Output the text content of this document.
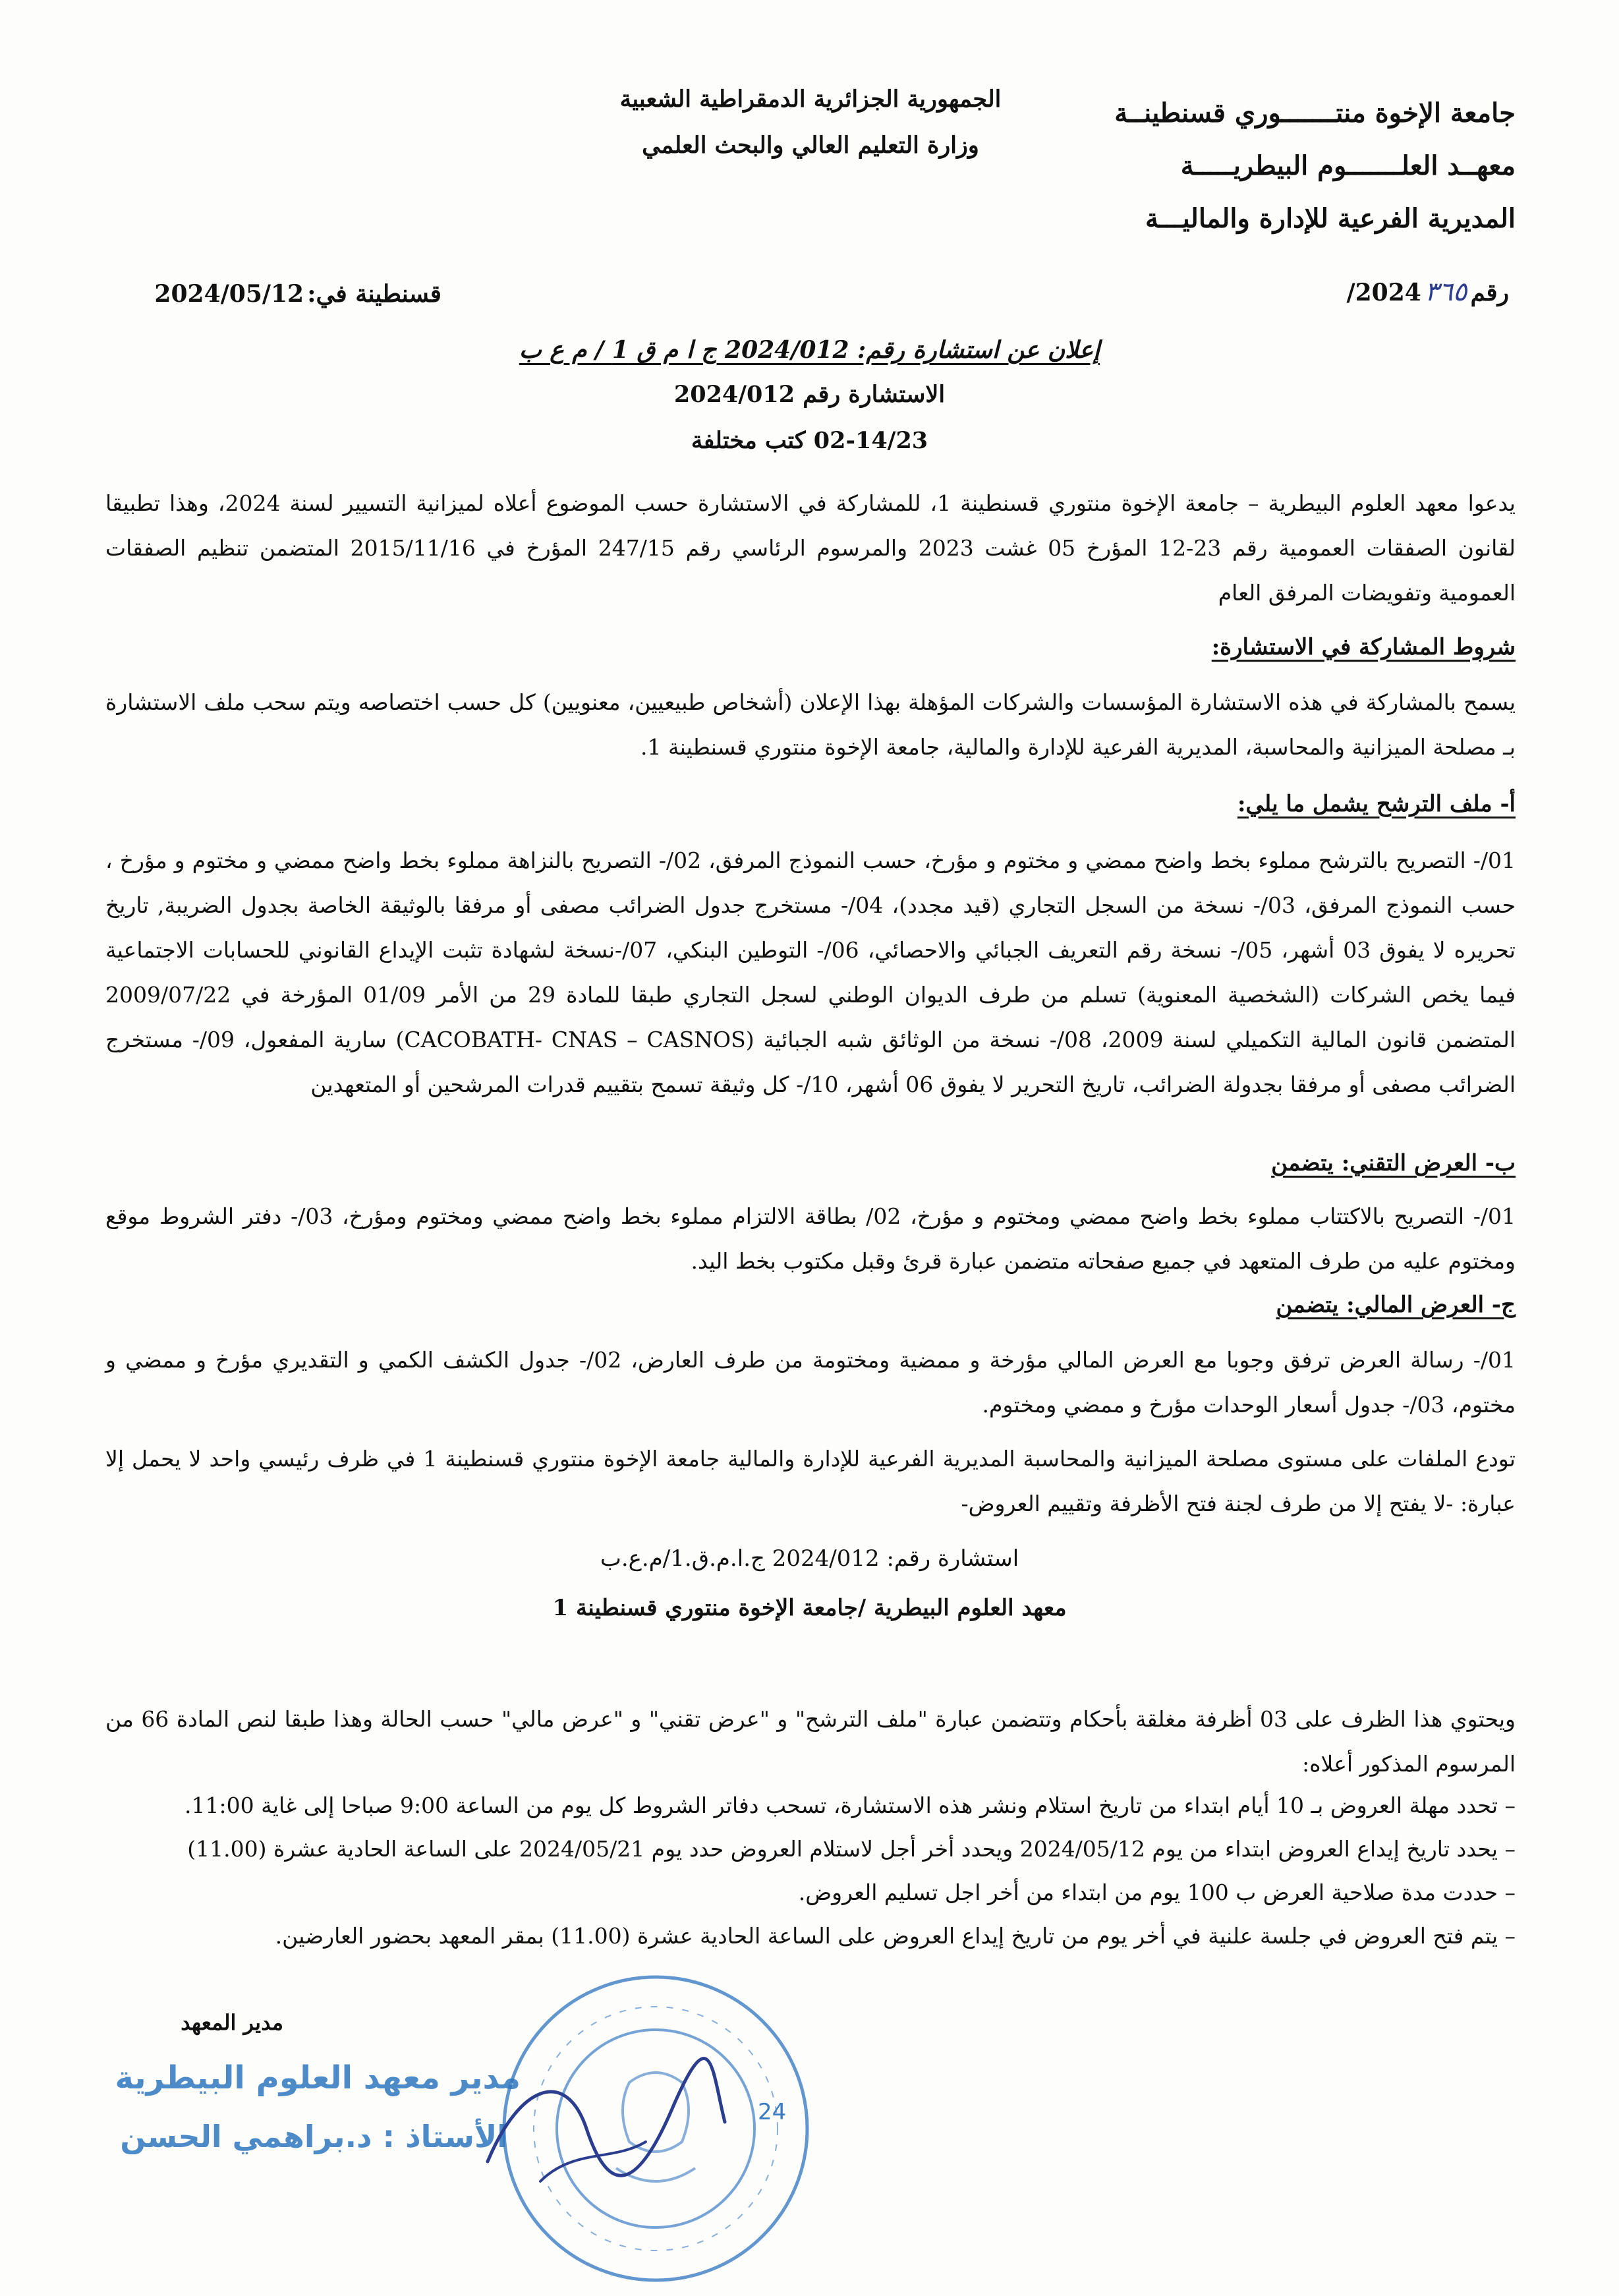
الجمهورية الجزائرية الدمقراطية الشعبية
وزارة التعليم العالي والبحث العلمي
جامعة الإخوة منتـــــــوري قسنطينــة
معهــد العلـــــــوم البيطريـــــة
المديرية الفرعية للإدارة والماليـــة
رقم ٣٦٥ 2024/
قسنطينة في: 2024/05/12
إعلان عن استشارة رقم: 2024/012 ج ا م ق 1 / م ع ب
الاستشارة رقم 2024/012
02-14/23 كتب مختلفة
يدعوا معهد العلوم البيطرية – جامعة الإخوة منتوري قسنطينة 1، للمشاركة في الاستشارة حسب الموضوع أعلاه لميزانية التسيير لسنة 2024، وهذا تطبيقا لقانون الصفقات العمومية رقم 23-12 المؤرخ 05 غشت 2023 والمرسوم الرئاسي رقم 247/15 المؤرخ في 2015/11/16 المتضمن تنظيم الصفقات العمومية وتفويضات المرفق العام
شروط المشاركة في الاستشارة:
يسمح بالمشاركة في هذه الاستشارة المؤسسات والشركات المؤهلة بهذا الإعلان (أشخاص طبيعيين، معنويين) كل حسب اختصاصه ويتم سحب ملف الاستشارة بـ مصلحة الميزانية والمحاسبة، المديرية الفرعية للإدارة والمالية، جامعة الإخوة منتوري قسنطينة 1.
أ- ملف الترشح يشمل ما يلي:
01/- التصريح بالترشح مملوء بخط واضح ممضي و مختوم و مؤرخ، حسب النموذج المرفق، 02/- التصريح بالنزاهة مملوء بخط واضح ممضي و مختوم و مؤرخ ، حسب النموذج المرفق، 03/- نسخة من السجل التجاري (قيد مجدد)، 04/- مستخرج جدول الضرائب مصفى أو مرفقا بالوثيقة الخاصة بجدول الضريبة, تاريخ تحريره لا يفوق 03 أشهر، 05/- نسخة رقم التعريف الجبائي والاحصائي، 06/- التوطين البنكي، 07/-نسخة لشهادة تثبت الإيداع القانوني للحسابات الاجتماعية فيما يخص الشركات (الشخصية المعنوية) تسلم من طرف الديوان الوطني لسجل التجاري طبقا للمادة 29 من الأمر 01/09 المؤرخة في 2009/07/22 المتضمن قانون المالية التكميلي لسنة 2009، 08/- نسخة من الوثائق شبه الجبائية (CACOBATH- CNAS – CASNOS) سارية المفعول، 09/- مستخرج الضرائب مصفى أو مرفقا بجدولة الضرائب، تاريخ التحرير لا يفوق 06 أشهر، 10/- كل وثيقة تسمح بتقييم قدرات المرشحين أو المتعهدين
ب- العرض التقني: يتضمن
01/- التصريح بالاكتتاب مملوء بخط واضح ممضي ومختوم و مؤرخ، 02/ بطاقة الالتزام مملوء بخط واضح ممضي ومختوم ومؤرخ، 03/- دفتر الشروط موقع ومختوم عليه من طرف المتعهد في جميع صفحاته متضمن عبارة قرئ وقبل مكتوب بخط اليد.
ج- العرض المالي: يتضمن
01/- رسالة العرض ترفق وجوبا مع العرض المالي مؤرخة و ممضية ومختومة من طرف العارض، 02/- جدول الكشف الكمي و التقديري مؤرخ و ممضي و مختوم، 03/- جدول أسعار الوحدات مؤرخ و ممضي ومختوم.
تودع الملفات على مستوى مصلحة الميزانية والمحاسبة المديرية الفرعية للإدارة والمالية جامعة الإخوة منتوري قسنطينة 1 في ظرف رئيسي واحد لا يحمل إلا عبارة: -لا يفتح إلا من طرف لجنة فتح الأظرفة وتقييم العروض-
استشارة رقم: 2024/012 ج.ا.م.ق.1/م.ع.ب
معهد العلوم البيطرية /جامعة الإخوة منتوري قسنطينة 1
ويحتوي هذا الظرف على 03 أظرفة مغلقة بأحكام وتتضمن عبارة "ملف الترشح" و "عرض تقني" و "عرض مالي" حسب الحالة وهذا طبقا لنص المادة 66 من المرسوم المذكور أعلاه:
– تحدد مهلة العروض بـ 10 أيام ابتداء من تاريخ استلام ونشر هذه الاستشارة، تسحب دفاتر الشروط كل يوم من الساعة 9:00 صباحا إلى غاية 11:00.
– يحدد تاريخ إيداع العروض ابتداء من يوم 2024/05/12 ويحدد أخر أجل لاستلام العروض حدد يوم 2024/05/21 على الساعة الحادية عشرة (11.00)
– حددت مدة صلاحية العرض ب 100 يوم من ابتداء من أخر اجل تسليم العروض.
– يتم فتح العروض في جلسة علنية في أخر يوم من تاريخ إيداع العروض على الساعة الحادية عشرة (11.00) بمقر المعهد بحضور العارضين.
مدير المعهد
24
مدير معهد العلوم البيطرية
الأستاذ : د.براهمي الحسن
